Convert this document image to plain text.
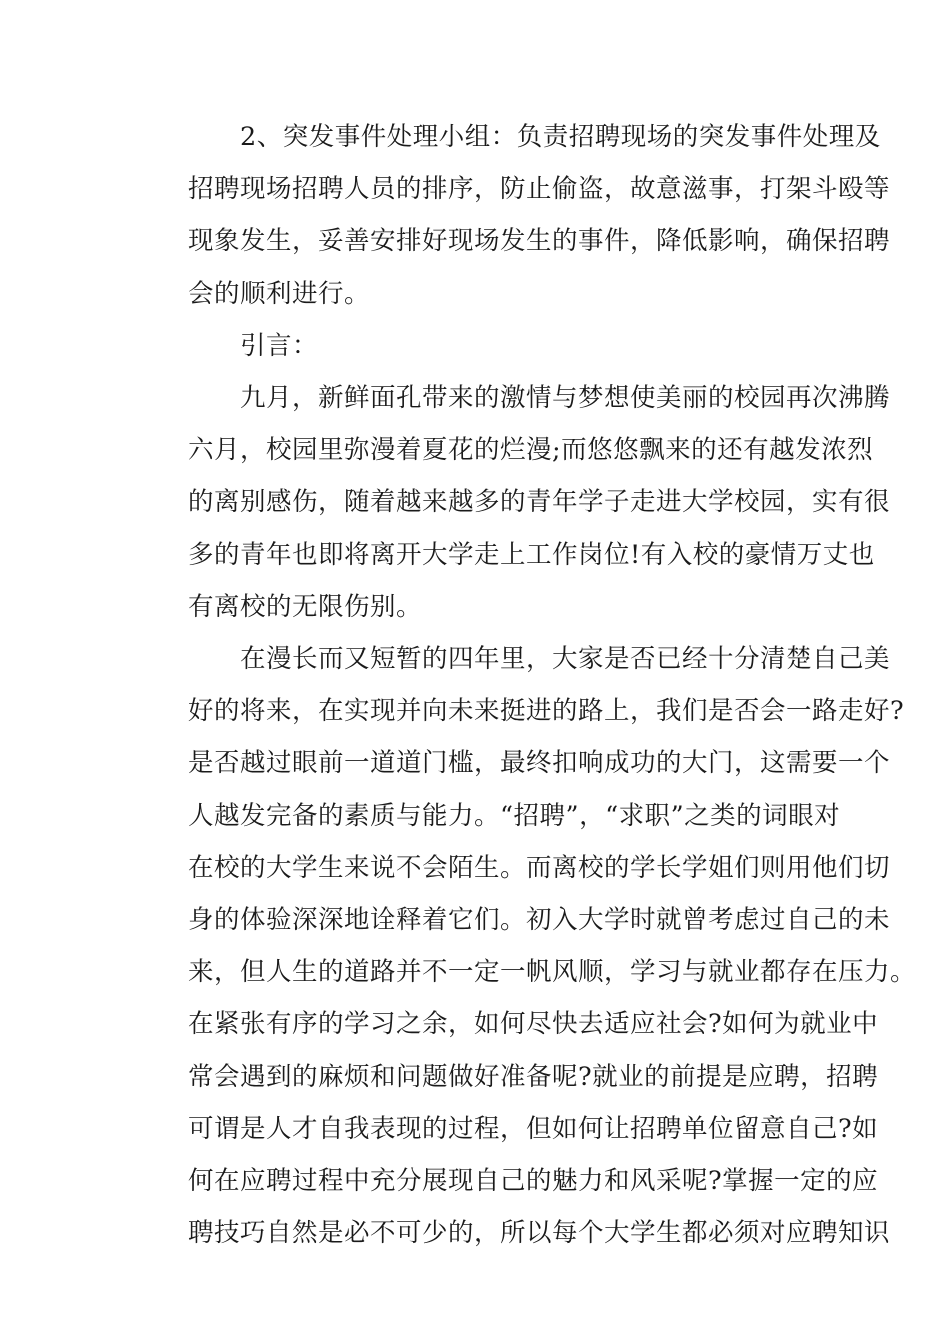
2、突发事件处理小组：负责招聘现场的突发事件处理及
招聘现场招聘人员的排序，防止偷盗，故意滋事，打架斗殴等
现象发生，妥善安排好现场发生的事件，降低影响，确保招聘
会的顺利进行。
引言：
九月，新鲜面孔带来的激情与梦想使美丽的校园再次沸腾
六月，校园里弥漫着夏花的烂漫;而悠悠飘来的还有越发浓烈
的离别感伤，随着越来越多的青年学子走进大学校园，实有很
多的青年也即将离开大学走上工作岗位!有入校的豪情万丈也
有离校的无限伤别。
在漫长而又短暂的四年里，大家是否已经十分清楚自己美
好的将来，在实现并向未来挺进的路上，我们是否会一路走好?
是否越过眼前一道道门槛，最终扣响成功的大门，这需要一个
人越发完备的素质与能力。“招聘”，“求职”之类的词眼对
在校的大学生来说不会陌生。而离校的学长学姐们则用他们切
身的体验深深地诠释着它们。初入大学时就曾考虑过自己的未
来，但人生的道路并不一定一帆风顺，学习与就业都存在压力。
在紧张有序的学习之余，如何尽快去适应社会?如何为就业中
常会遇到的麻烦和问题做好准备呢?就业的前提是应聘，招聘
可谓是人才自我表现的过程，但如何让招聘单位留意自己?如
何在应聘过程中充分展现自己的魅力和风采呢?掌握一定的应
聘技巧自然是必不可少的，所以每个大学生都必须对应聘知识
